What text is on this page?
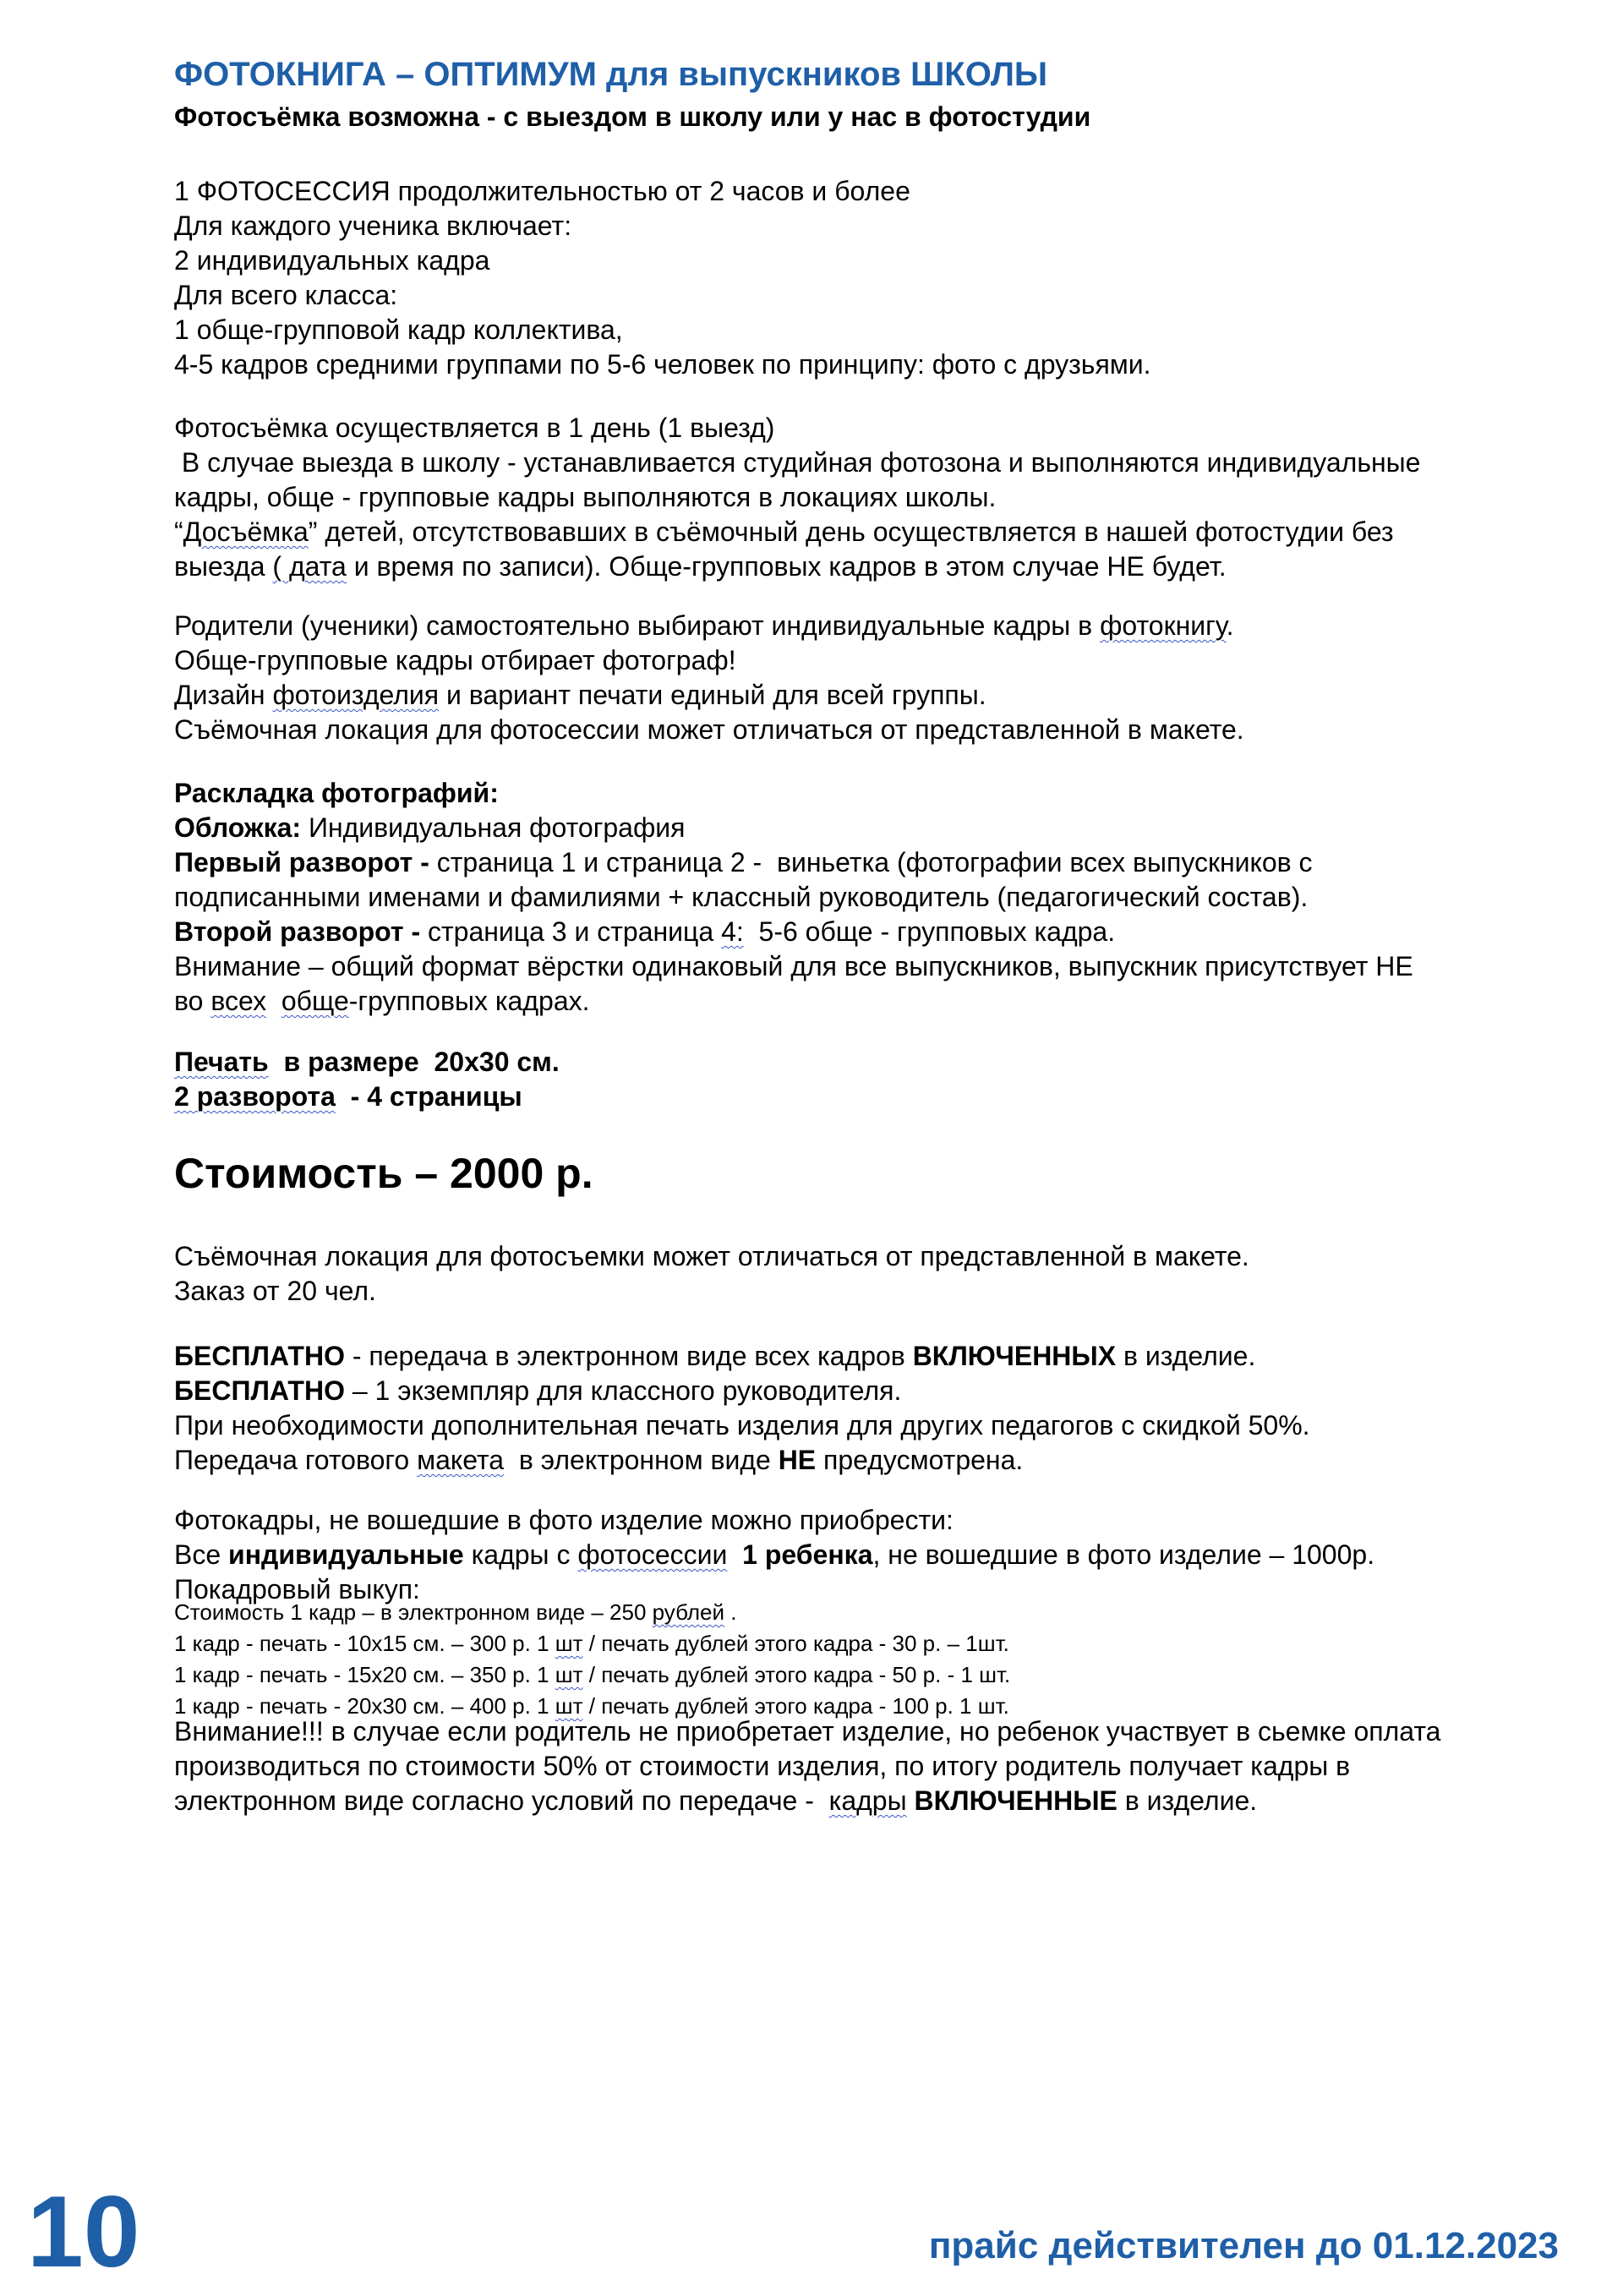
ФОТОКНИГА – ОПТИМУМ для выпускников ШКОЛЫ
Фотосъёмка возможна - с выездом в школу или у нас в фотостудии
1 ФОТОСЕССИЯ продолжительностью от 2 часов и более
Для каждого ученика включает:
2 индивидуальных кадра
Для всего класса:
1 обще-групповой кадр коллектива,
4-5 кадров средними группами по 5-6 человек по принципу: фото с друзьями.
Фотосъёмка осуществляется в 1 день (1 выезд)
В случае выезда в школу - устанавливается студийная фотозона и выполняются индивидуальные
кадры, обще - групповые кадры выполняются в локациях школы.
“Досъёмка” детей, отсутствовавших в съёмочный день осуществляется в нашей фотостудии без
выезда ( дата и время по записи). Обще-групповых кадров в этом случае НЕ будет.
Родители (ученики) самостоятельно выбирают индивидуальные кадры в фотокнигу.
Обще-групповые кадры отбирает фотограф!
Дизайн фотоизделия и вариант печати единый для всей группы.
Съёмочная локация для фотосессии может отличаться от представленной в макете.
Раскладка фотографий:
Обложка: Индивидуальная фотография
Первый разворот - страница 1 и страница 2 -  виньетка (фотографии всех выпускников с
подписанными именами и фамилиями + классный руководитель (педагогический состав).
Второй разворот - страница 3 и страница 4:  5-6 обще - групповых кадра.
Внимание – общий формат вёрстки одинаковый для все выпускников, выпускник присутствует НЕ
во всех обще-групповых кадрах.
Печать  в размере  20х30 см.
2 разворота  - 4 страницы
Стоимость – 2000 р.
Съёмочная локация для фотосъемки может отличаться от представленной в макете.
Заказ от 20 чел.
БЕСПЛАТНО - передача в электронном виде всех кадров ВКЛЮЧЕННЫХ в изделие.
БЕСПЛАТНО – 1 экземпляр для классного руководителя.
При необходимости дополнительная печать изделия для других педагогов с скидкой 50%.
Передача готового макета  в электронном виде НЕ предусмотрена.
Фотокадры, не вошедшие в фото изделие можно приобрести:
Все индивидуальные кадры с фотосессии 1 ребенка, не вошедшие в фото изделие – 1000р.
Покадровый выкуп:
Стоимость 1 кадр – в электронном виде – 250 рублей .
1 кадр - печать - 10х15 см. – 300 р. 1 шт / печать дублей этого кадра - 30 р. – 1шт.
1 кадр - печать - 15х20 см. – 350 р. 1 шт / печать дублей этого кадра - 50 р. - 1 шт.
1 кадр - печать - 20х30 см. – 400 р. 1 шт / печать дублей этого кадра - 100 р. 1 шт.
Внимание!!! в случае если родитель не приобретает изделие, но ребенок участвует в сьемке оплата
производиться по стоимости 50% от стоимости изделия, по итогу родитель получает кадры в
электронном виде согласно условий по передаче -  кадры ВКЛЮЧЕННЫЕ в изделие.
10	прайс действителен до 01.12.2023
